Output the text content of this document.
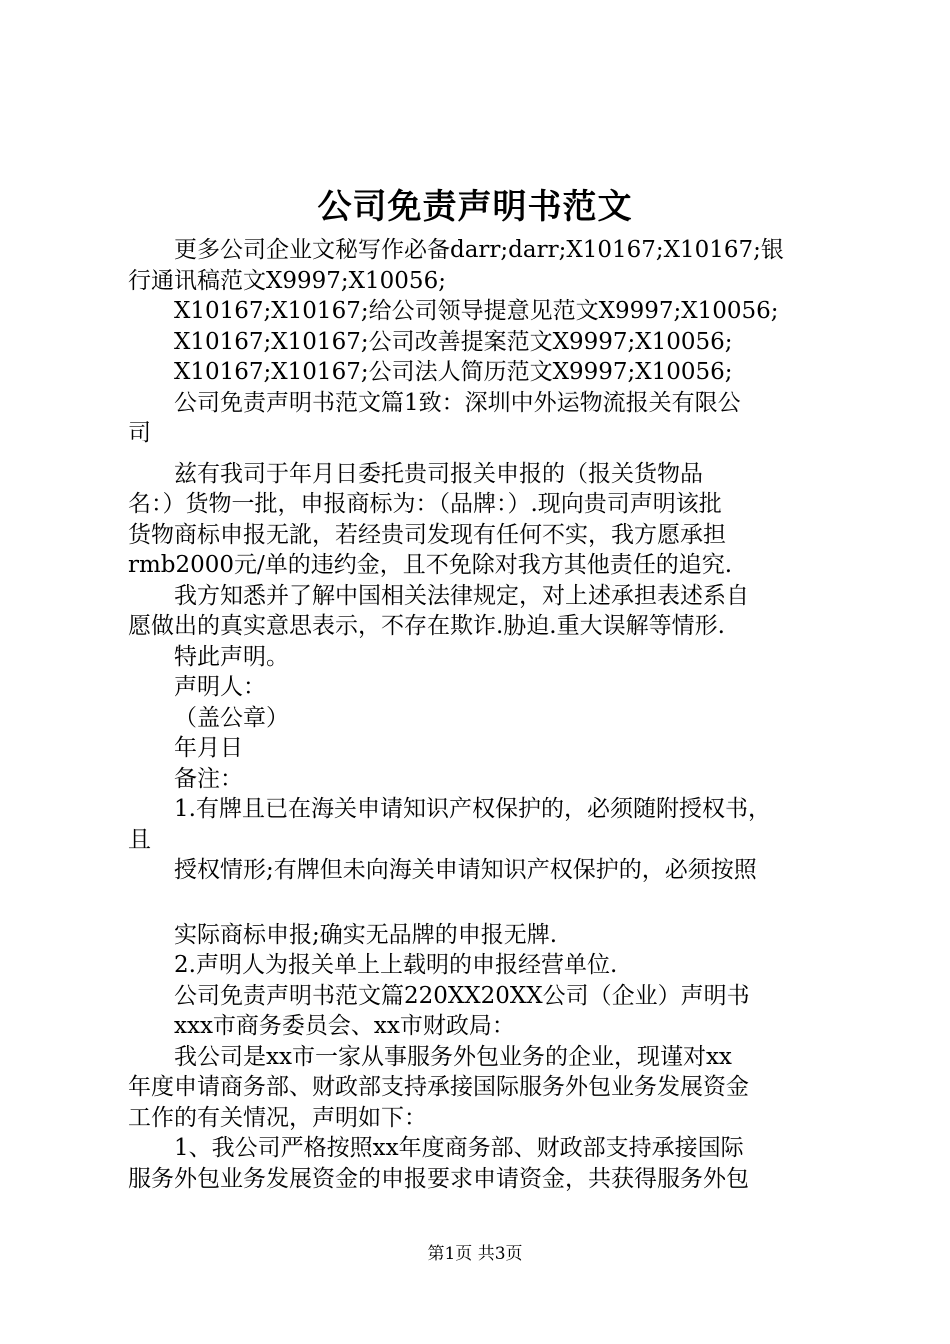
公司免责声明书范文

更多公司企业文秘写作必备darr;darr;X10167;X10167;银

行通讯稿范文X9997;X10056;

X10167;X10167;给公司领导提意见范文X9997;X10056;

X10167;X10167;公司改善提案范文X9997;X10056;

X10167;X10167;公司法人简历范文X9997;X10056;

公司免责声明书范文篇1致：深圳中外运物流报关有限公

司

兹有我司于年月日委托贵司报关申报的（报关货物品

名：）货物一批，申报商标为：（品牌：）.现向贵司声明该批

货物商标申报无訛，若经贵司发现有任何不实，我方愿承担

rmb2000元/单的违约金，且不免除对我方其他责任的追究.

我方知悉并了解中国相关法律规定，对上述承担表述系自

愿做出的真实意思表示，不存在欺诈.胁迫.重大误解等情形.

特此声明。

声明人：

（盖公章）

年月日

备注：

1.有牌且已在海关申请知识产权保护的，必须随附授权书，

且

授权情形;有牌但未向海关申请知识产权保护的，必须按照

实际商标申报;确实无品牌的申报无牌.

2.声明人为报关单上上载明的申报经营单位.

公司免责声明书范文篇220XX20XX公司（企业）声明书

xxx市商务委员会、xx市财政局：

我公司是xx市一家从事服务外包业务的企业，现谨对xx

年度申请商务部、财政部支持承接国际服务外包业务发展资金

工作的有关情况，声明如下：

1、我公司严格按照xx年度商务部、财政部支持承接国际

服务外包业务发展资金的申报要求申请资金，共获得服务外包

第1页 共3页
